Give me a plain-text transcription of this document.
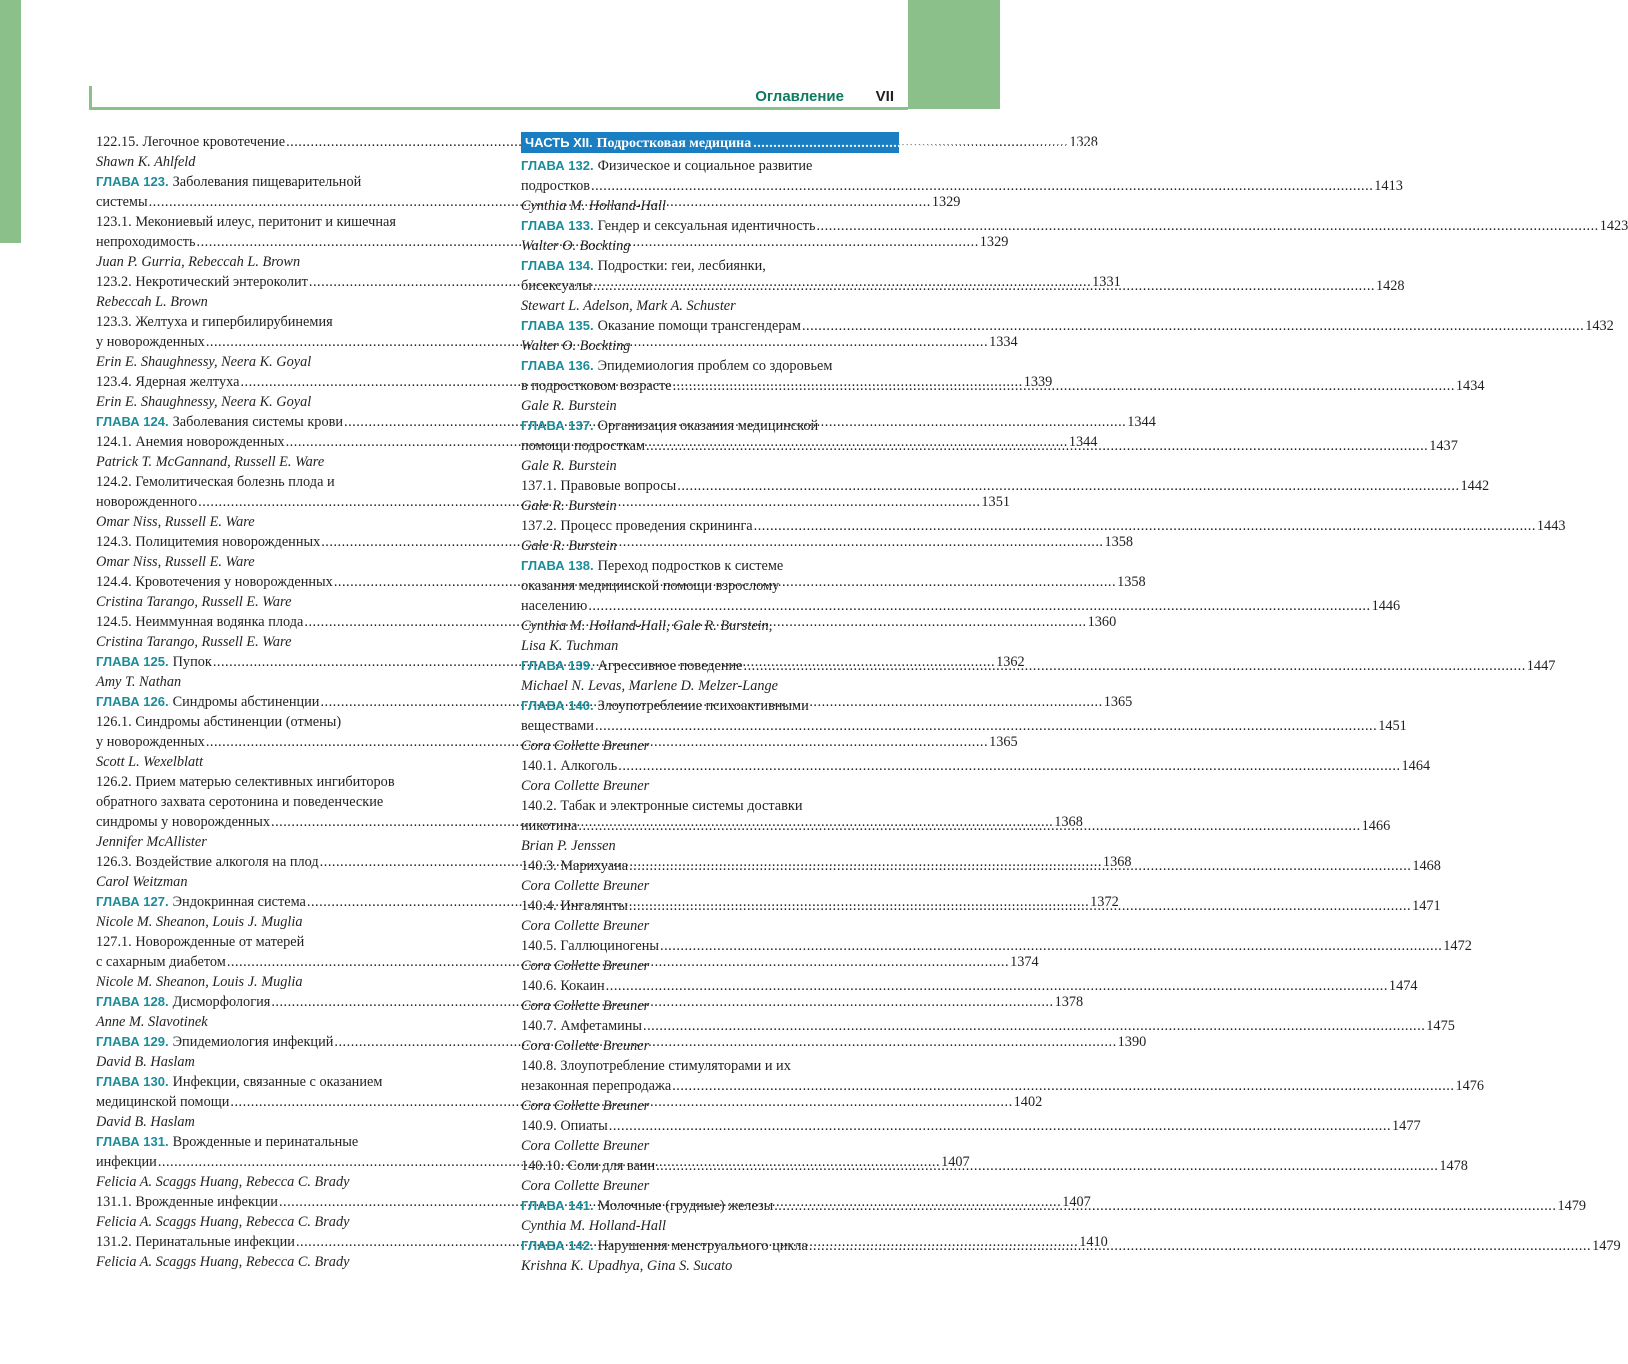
Оглавление VII
122.15. Легочное кровотечение .....	1328
Shawn K. Ahlfeld
ГЛАВА 123. Заболевания пищеварительной
системы .....	1329
123.1. Мекониевый илеус, перитонит и кишечная
непроходимость .....	1329
Juan P. Gurria, Rebeccah L. Brown
123.2. Некротический энтероколит .....	1331
Rebeccah L. Brown
123.3. Желтуха и гипербилирубинемия
у новорожденных .....	1334
Erin E. Shaughnessy, Neera K. Goyal
123.4. Ядерная желтуха .....	1339
Erin E. Shaughnessy, Neera K. Goyal
ГЛАВА 124. Заболевания системы крови .....	1344
124.1. Анемия новорожденных .....	1344
Patrick T. McGannand, Russell E. Ware
124.2. Гемолитическая болезнь плода и
новорожденного .....	1351
Omar Niss, Russell E. Ware
124.3. Полицитемия новорожденных .....	1358
Omar Niss, Russell E. Ware
124.4. Кровотечения у новорожденных .....	1358
Cristina Tarango, Russell E. Ware
124.5. Неиммунная водянка плода .....	1360
Cristina Tarango, Russell E. Ware
ГЛАВА 125. Пупок .....	1362
Amy T. Nathan
ГЛАВА 126. Синдромы абстиненции .....	1365
126.1. Синдромы абстиненции (отмены)
у новорожденных .....	1365
Scott L. Wexelblatt
126.2. Прием матерью селективных ингибиторов
обратного захвата серотонина и поведенческие
синдромы у новорожденных .....	1368
Jennifer McAllister
126.3. Воздействие алкоголя на плод .....	1368
Carol Weitzman
ГЛАВА 127. Эндокринная система .....	1372
Nicole M. Sheanon, Louis J. Muglia
127.1. Новорожденные от матерей
с сахарным диабетом .....	1374
Nicole M. Sheanon, Louis J. Muglia
ГЛАВА 128. Дисморфология .....	1378
Anne M. Slavotinek
ГЛАВА 129. Эпидемиология инфекций .....	1390
David B. Haslam
ГЛАВА 130. Инфекции, связанные с оказанием
медицинской помощи .....	1402
David B. Haslam
ГЛАВА 131. Врожденные и перинатальные
инфекции .....	1407
Felicia A. Scaggs Huang, Rebecca C. Brady
131.1. Врожденные инфекции .....	1407
Felicia A. Scaggs Huang, Rebecca C. Brady
131.2. Перинатальные инфекции .....	1410
Felicia A. Scaggs Huang, Rebecca C. Brady
ЧАСТЬ XII. Подростковая медицина .....	1413
ГЛАВА 132. Физическое и социальное развитие
подростков .....	1413
Cynthia M. Holland-Hall
ГЛАВА 133. Гендер и сексуальная идентичность .....	1423
Walter O. Bockting
ГЛАВА 134. Подростки: геи, лесбиянки,
бисексуалы .....	1428
Stewart L. Adelson, Mark A. Schuster
ГЛАВА 135. Оказание помощи трансгендерам .....	1432
Walter O. Bockting
ГЛАВА 136. Эпидемиология проблем со здоровьем
в подростковом возрасте .....	1434
Gale R. Burstein
ГЛАВА 137. Организация оказания медицинской
помощи подросткам .....	1437
Gale R. Burstein
137.1. Правовые вопросы .....	1442
Gale R. Burstein
137.2. Процесс проведения скрининга .....	1443
Gale R. Burstein
ГЛАВА 138. Переход подростков к системе
оказания медицинской помощи взрослому
населению .....	1446
Cynthia M. Holland-Hall, Gale R. Burstein,
Lisa K. Tuchman
ГЛАВА 139. Агрессивное поведение .....	1447
Michael N. Levas, Marlene D. Melzer-Lange
ГЛАВА 140. Злоупотребление психоактивными
веществами .....	1451
Cora Collette Breuner
140.1. Алкоголь .....	1464
Cora Collette Breuner
140.2. Табак и электронные системы доставки
никотина .....	1466
Brian P. Jenssen
140.3. Марихуана .....	1468
Cora Collette Breuner
140.4. Ингалянты .....	1471
Cora Collette Breuner
140.5. Галлюциногены .....	1472
Cora Collette Breuner
140.6. Кокаин .....	1474
Cora Collette Breuner
140.7. Амфетамины .....	1475
Cora Collette Breuner
140.8. Злоупотребление стимуляторами и их
незаконная перепродажа .....	1476
Cora Collette Breuner
140.9. Опиаты .....	1477
Cora Collette Breuner
140.10. Соли для ванн .....	1478
Cora Collette Breuner
ГЛАВА 141. Молочные (грудные) железы .....	1479
Cynthia M. Holland-Hall
ГЛАВА 142. Нарушения менструального цикла .....	1479
Krishna K. Upadhya, Gina S. Sucato
